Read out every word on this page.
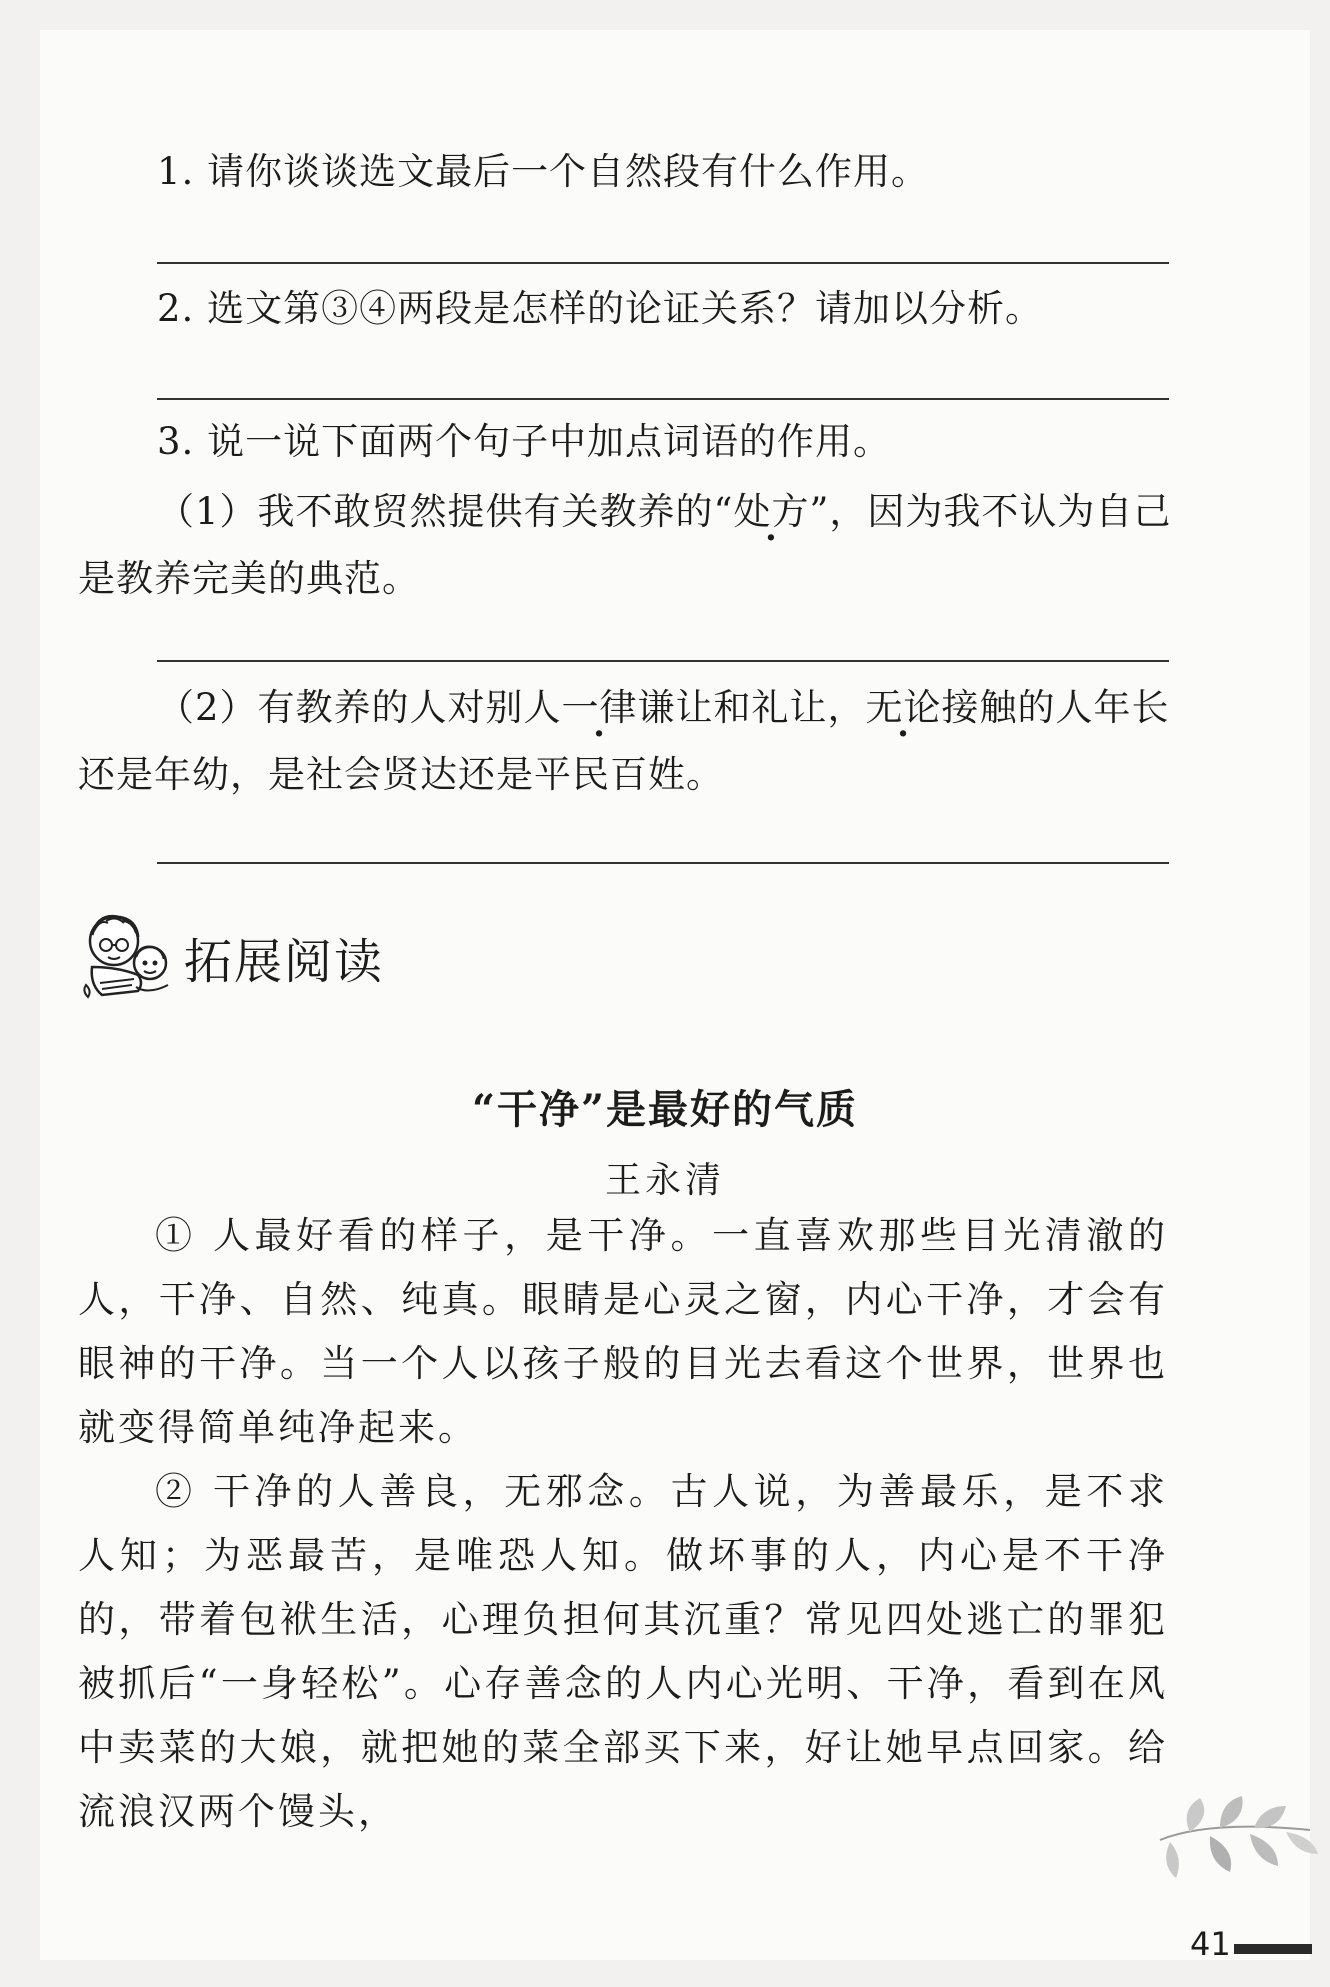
1. 请你谈谈选文最后一个自然段有什么作用。
2. 选文第③④两段是怎样的论证关系？请加以分析。
3. 说一说下面两个句子中加点词语的作用。
（1）我不敢贸然提供有关教养的“处方”，因为我不认为自己
是教养完美的典范。
（2）有教养的人对别人一律谦让和礼让，无论接触的人年长
还是年幼，是社会贤达还是平民百姓。
拓展阅读
“干净”是最好的气质
王永清
① 人最好看的样子，是干净。一直喜欢那些目光清澈的人，干净、自然、纯真。眼睛是心灵之窗，内心干净，才会有眼神的干净。当一个人以孩子般的目光去看这个世界，世界也就变得简单纯净起来。
② 干净的人善良，无邪念。古人说，为善最乐，是不求人知；为恶最苦，是唯恐人知。做坏事的人，内心是不干净的，带着包袱生活，心理负担何其沉重？常见四处逃亡的罪犯被抓后“一身轻松”。心存善念的人内心光明、干净，看到在风中卖菜的大娘，就把她的菜全部买下来，好让她早点回家。给流浪汉两个馒头，
41
